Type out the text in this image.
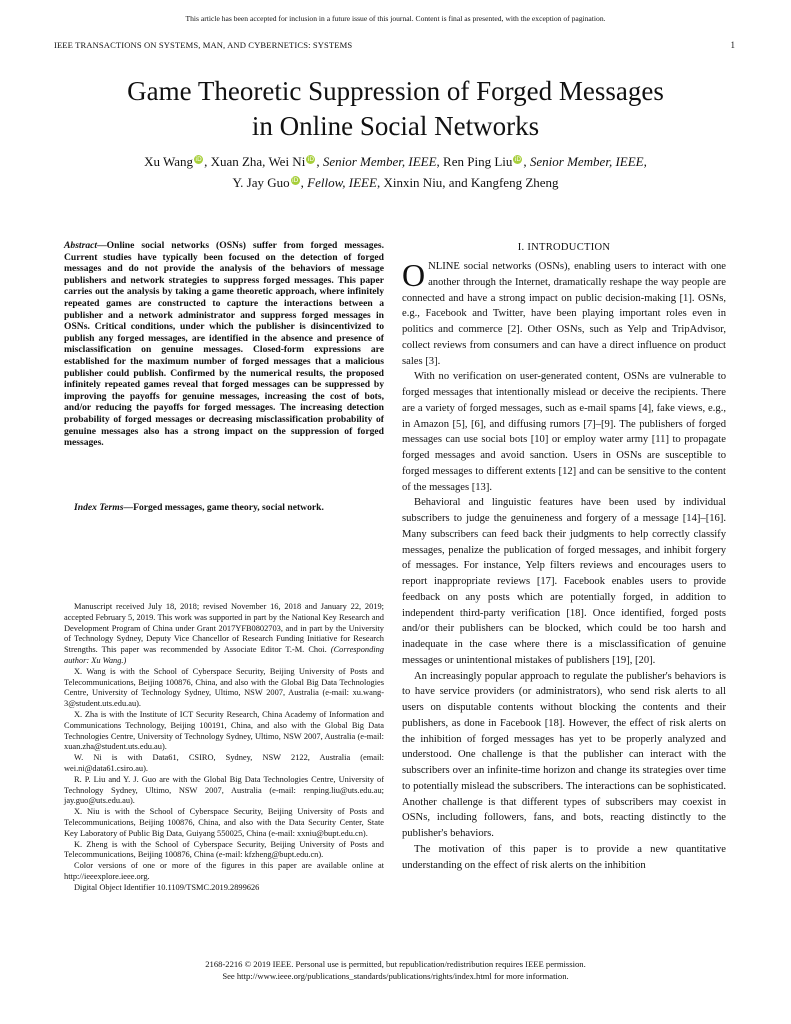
This article has been accepted for inclusion in a future issue of this journal. Content is final as presented, with the exception of pagination.
IEEE TRANSACTIONS ON SYSTEMS, MAN, AND CYBERNETICS: SYSTEMS	1
Game Theoretic Suppression of Forged Messages
in Online Social Networks
Xu Wang iD , Xuan Zha, Wei Ni iD , Senior Member, IEEE, Ren Ping Liu iD , Senior Member, IEEE,
Y. Jay Guo iD , Fellow, IEEE, Xinxin Niu, and Kangfeng Zheng
Abstract—Online social networks (OSNs) suffer from forged messages. Current studies have typically been focused on the detection of forged messages and do not provide the analysis of the behaviors of message publishers and network strategies to suppress forged messages. This paper carries out the analysis by taking a game theoretic approach, where infinitely repeated games are constructed to capture the interactions between a publisher and a network administrator and suppress forged messages in OSNs. Critical conditions, under which the publisher is disincentivized to publish any forged messages, are identified in the absence and presence of misclassification on genuine messages. Closed-form expressions are established for the maximum number of forged messages that a malicious publisher could publish. Confirmed by the numerical results, the proposed infinitely repeated games reveal that forged messages can be suppressed by improving the payoffs for genuine messages, increasing the cost of bots, and/or reducing the payoffs for forged messages. The increasing detection probability of forged messages or decreasing misclassification probability of genuine messages also has a strong impact on the suppression of forged messages.
Index Terms—Forged messages, game theory, social network.

Manuscript received July 18, 2018; revised November 16, 2018 and January 22, 2019; accepted February 5, 2019. This work was supported in part by the National Key Research and Development Program of China under Grant 2017YFB0802703, and in part by the University of Technology Sydney, Deputy Vice Chancellor of Research Funding Initiative for Research Strengths. This paper was recommended by Associate Editor T.-M. Choi. (Corresponding author: Xu Wang.)

X. Wang is with the School of Cyberspace Security, Beijing University of Posts and Telecommunications, Beijing 100876, China, and also with the Global Big Data Technologies Centre, University of Technology Sydney, Ultimo, NSW 2007, Australia (e-mail: xu.wang-3@student.uts.edu.au).

X. Zha is with the Institute of ICT Security Research, China Academy of Information and Communications Technology, Beijing 100191, China, and also with the Global Big Data Technologies Centre, University of Technology Sydney, Ultimo, NSW 2007, Australia (e-mail: xuan.zha@student.uts.edu.au).

W. Ni is with Data61, CSIRO, Sydney, NSW 2122, Australia (email: wei.ni@data61.csiro.au).

R. P. Liu and Y. J. Guo are with the Global Big Data Technologies Centre, University of Technology Sydney, Ultimo, NSW 2007, Australia (e-mail: renping.liu@uts.edu.au; jay.guo@uts.edu.au).

X. Niu is with the School of Cyberspace Security, Beijing University of Posts and Telecommunications, Beijing 100876, China, and also with the Data Security Center, State Key Laboratory of Public Big Data, Guiyang 550025, China (e-mail: xxniu@bupt.edu.cn).

K. Zheng is with the School of Cyberspace Security, Beijing University of Posts and Telecommunications, Beijing 100876, China (e-mail: kfzheng@bupt.edu.cn).

Color versions of one or more of the figures in this paper are available online at http://ieeexplore.ieee.org.

Digital Object Identifier 10.1109/TSMC.2019.2899626

I. INTRODUCTION

ONLINE social networks (OSNs), enabling users to interact with one another through the Internet, dramatically reshape the way people are connected and have a strong impact on public decision-making [1]. OSNs, e.g., Facebook and Twitter, have been playing important roles even in politics and commerce [2]. Other OSNs, such as Yelp and TripAdvisor, collect reviews from consumers and can have a direct influence on product sales [3].

With no verification on user-generated content, OSNs are vulnerable to forged messages that intentionally mislead or deceive the recipients. There are a variety of forged messages, such as e-mail spams [4], fake views, e.g., in Amazon [5], [6], and diffusing rumors [7]–[9]. The publishers of forged messages can use social bots [10] or employ water army [11] to propagate forged messages and avoid sanction. Users in OSNs are susceptible to forged messages to different extents [12] and can be sensitive to the content of the messages [13].

Behavioral and linguistic features have been used by individual subscribers to judge the genuineness and forgery of a message [14]–[16]. Many subscribers can feed back their judgments to help correctly classify messages, penalize the publication of forged messages, and inhibit forgery of messages. For instance, Yelp filters reviews and encourages users to report inappropriate reviews [17]. Facebook enables users to provide feedback on any posts which are potentially forged, in addition to independent third-party verification [18]. Once identified, forged posts and/or their publishers can be blocked, which could be too harsh and inadequate in the case where there is a misclassification of genuine messages or unintentional mistakes of publishers [19], [20].

An increasingly popular approach to regulate the publisher's behaviors is to have service providers (or administrators), who send risk alerts to all users on disputable contents without blocking the contents and their publishers, as done in Facebook [18]. However, the effect of risk alerts on the inhibition of forged messages has yet to be properly analyzed and understood. One challenge is that the publisher can interact with the subscribers over an infinite-time horizon and change its strategies over time to potentially mislead the subscribers. The interactions can be sophisticated. Another challenge is that different types of subscribers may coexist in OSNs, including followers, fans, and bots, reacting distinctly to the publisher's behaviors.

The motivation of this paper is to provide a new quantitative understanding on the effect of risk alerts on the inhibition

2168-2216 © 2019 IEEE. Personal use is permitted, but republication/redistribution requires IEEE permission.
See http://www.ieee.org/publications_standards/publications/rights/index.html for more information.
